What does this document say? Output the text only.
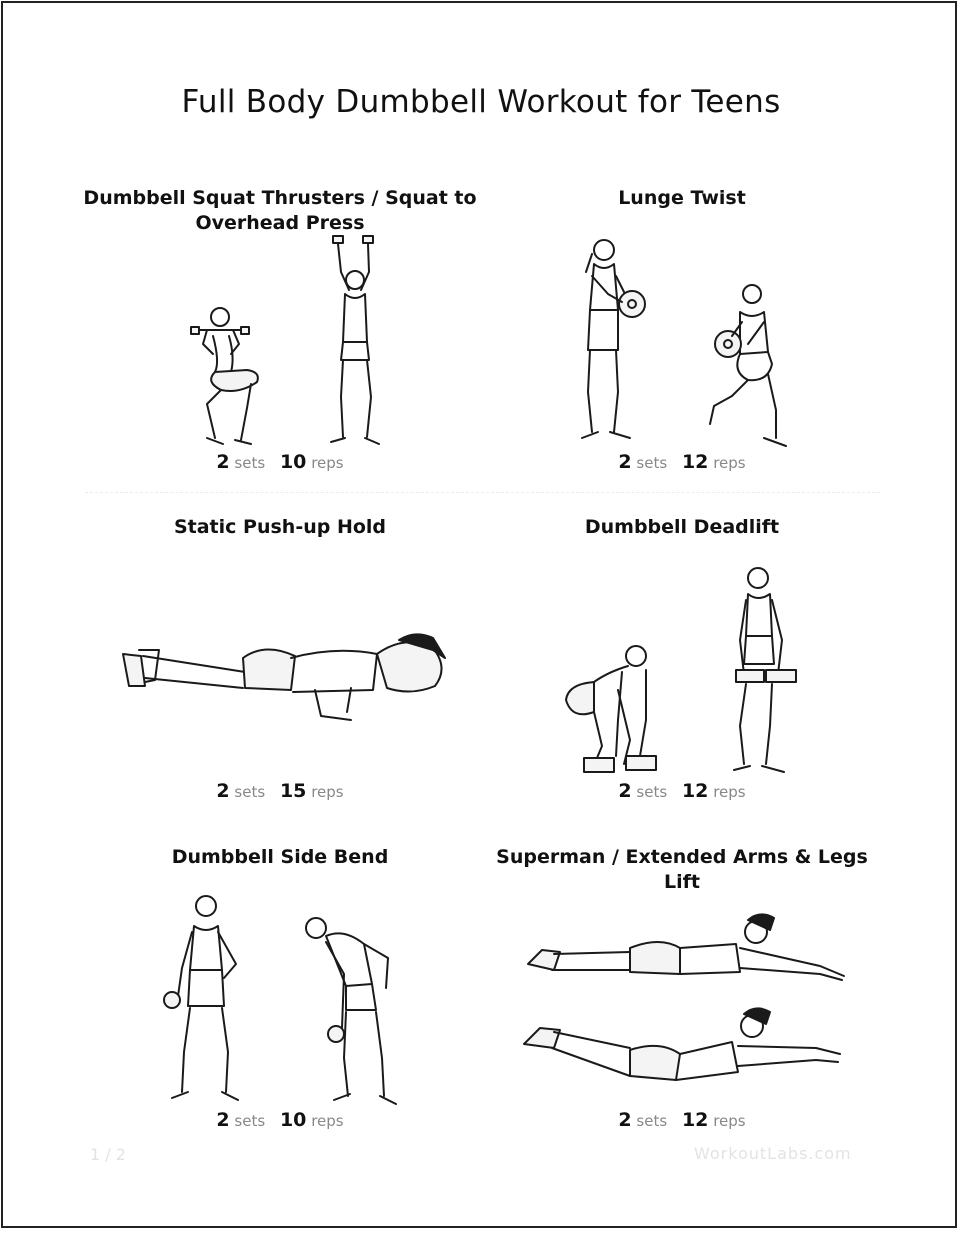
Full Body Dumbbell Workout for Teens
Dumbbell Squat Thrusters / Squat to
Overhead Press
2 sets 10 reps
Lunge Twist
2 sets 12 reps
Static Push-up Hold
2 sets 15 reps
Dumbbell Deadlift
2 sets 12 reps
Dumbbell Side Bend
2 sets 10 reps
Superman / Extended Arms & Legs
Lift
2 sets 12 reps
1 / 2	WorkoutLabs.com
